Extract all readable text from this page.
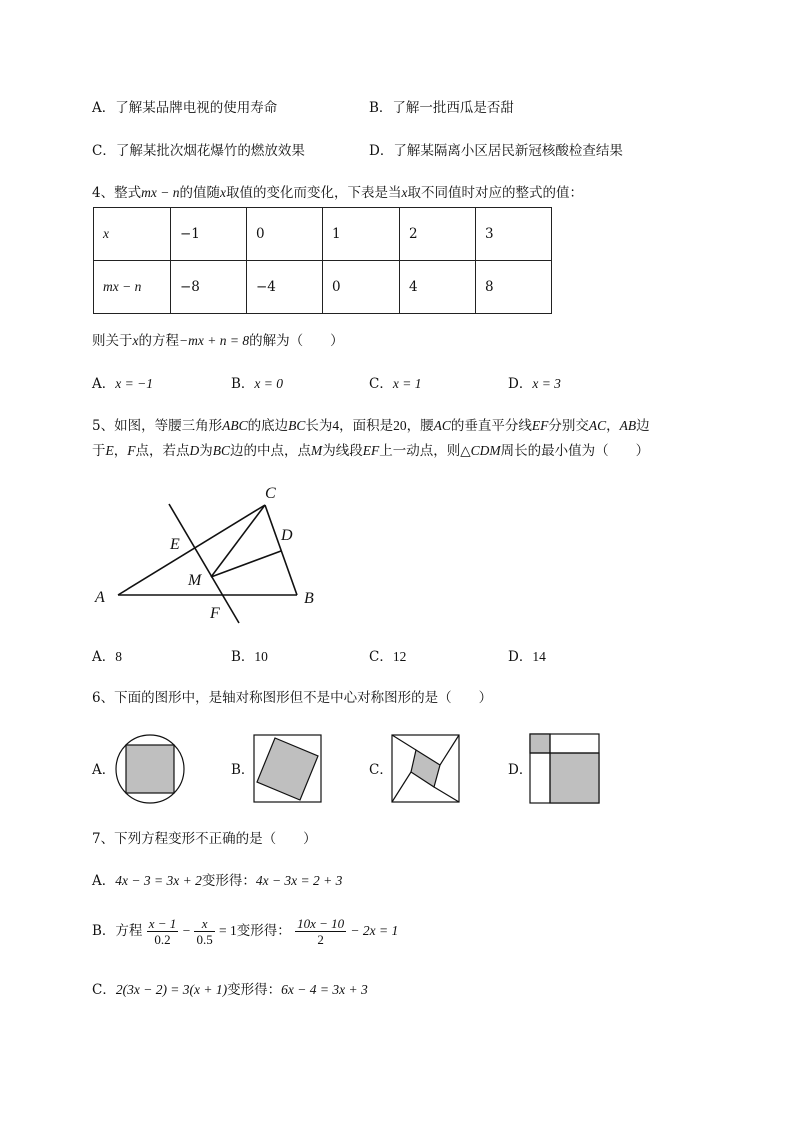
A．了解某品牌电视的使用寿命	B．了解一批西瓜是否甜
C．了解某批次烟花爆竹的燃放效果	D．了解某隔离小区居民新冠核酸检查结果
4、整式mx − n的值随x取值的变化而变化，下表是当x取不同值时对应的整式的值：
x	−1	0	1	2	3
mx − n	−8	−4	0	4	8
则关于x的方程−mx + n = 8的解为（　　）
A．x = −1	B．x = 0	C．x = 1	D．x = 3
5、如图，等腰三角形ABC的底边BC长为4，面积是20，腰AC的垂直平分线EF分别交AC，AB边
于E，F点，若点D为BC边的中点，点M为线段EF上一动点，则△CDM周长的最小值为（　　）
C
D
E
M
A	B
F
A．8	B．10	C．12	D．14
6、下面的图形中，是轴对称图形但不是中心对称图形的是（　　）
A．	B．	C．	D．
7、下列方程变形不正确的是（　　）
A．4x − 3 = 3x + 2变形得：4x − 3x = 2 + 3
B．方程 $\frac{x - 1}{0.2} - \frac{x}{0.5} = 1$变形得： $\frac{10x - 10}{2} - 2x = 1$
C．2(3x − 2) = 3(x + 1)变形得：6x − 4 = 3x + 3
